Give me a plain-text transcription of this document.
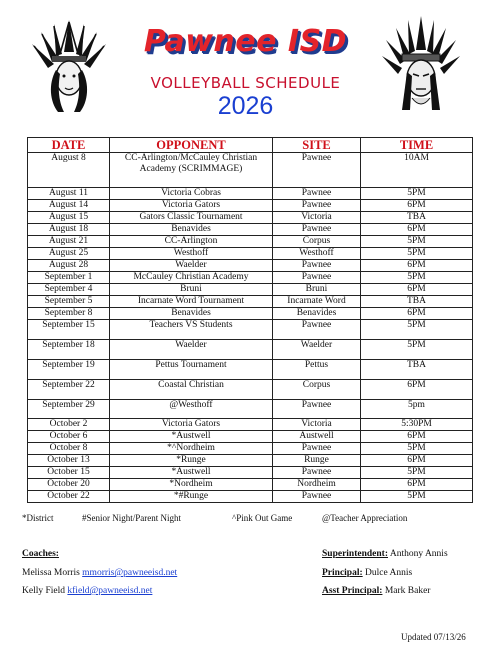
Pawnee ISD
VOLLEYBALL SCHEDULE
2026
DATE	OPPONENT	SITE	TIME
August 8	CC-Arlington/McCauley Christian Academy (SCRIMMAGE)	Pawnee	10AM
August 11	Victoria Cobras	Pawnee	5PM
August 14	Victoria Gators	Pawnee	6PM
August 15	Gators Classic Tournament	Victoria	TBA
August 18	Benavides	Pawnee	6PM
August 21	CC-Arlington	Corpus	5PM
August 25	Westhoff	Westhoff	5PM
August 28	Waelder	Pawnee	6PM
September 1	McCauley Christian Academy	Pawnee	5PM
September 4	Bruni	Bruni	6PM
September 5	Incarnate Word Tournament	Incarnate Word	TBA
September 8	Benavides	Benavides	6PM
September 15	Teachers VS Students	Pawnee	5PM
September 18	Waelder	Waelder	5PM
September 19	Pettus Tournament	Pettus	TBA
September 22	Coastal Christian	Corpus	6PM
September 29	@Westhoff	Pawnee	5pm
October 2	Victoria Gators	Victoria	5:30PM
October 6	*Austwell	Austwell	6PM
October 8	*^Nordheim	Pawnee	5PM
October 13	*Runge	Runge	6PM
October 15	*Austwell	Pawnee	5PM
October 20	*Nordheim	Nordheim	6PM
October 22	*#Runge	Pawnee	5PM
*District	#Senior Night/Parent Night	^Pink Out Game	@Teacher Appreciation
Coaches:
Melissa Morris mmorris@pawneeisd.net
Kelly Field kfield@pawneeisd.net
Superintendent: Anthony Annis
Principal: Dulce Annis
Asst Principal: Mark Baker
Updated 07/13/26
